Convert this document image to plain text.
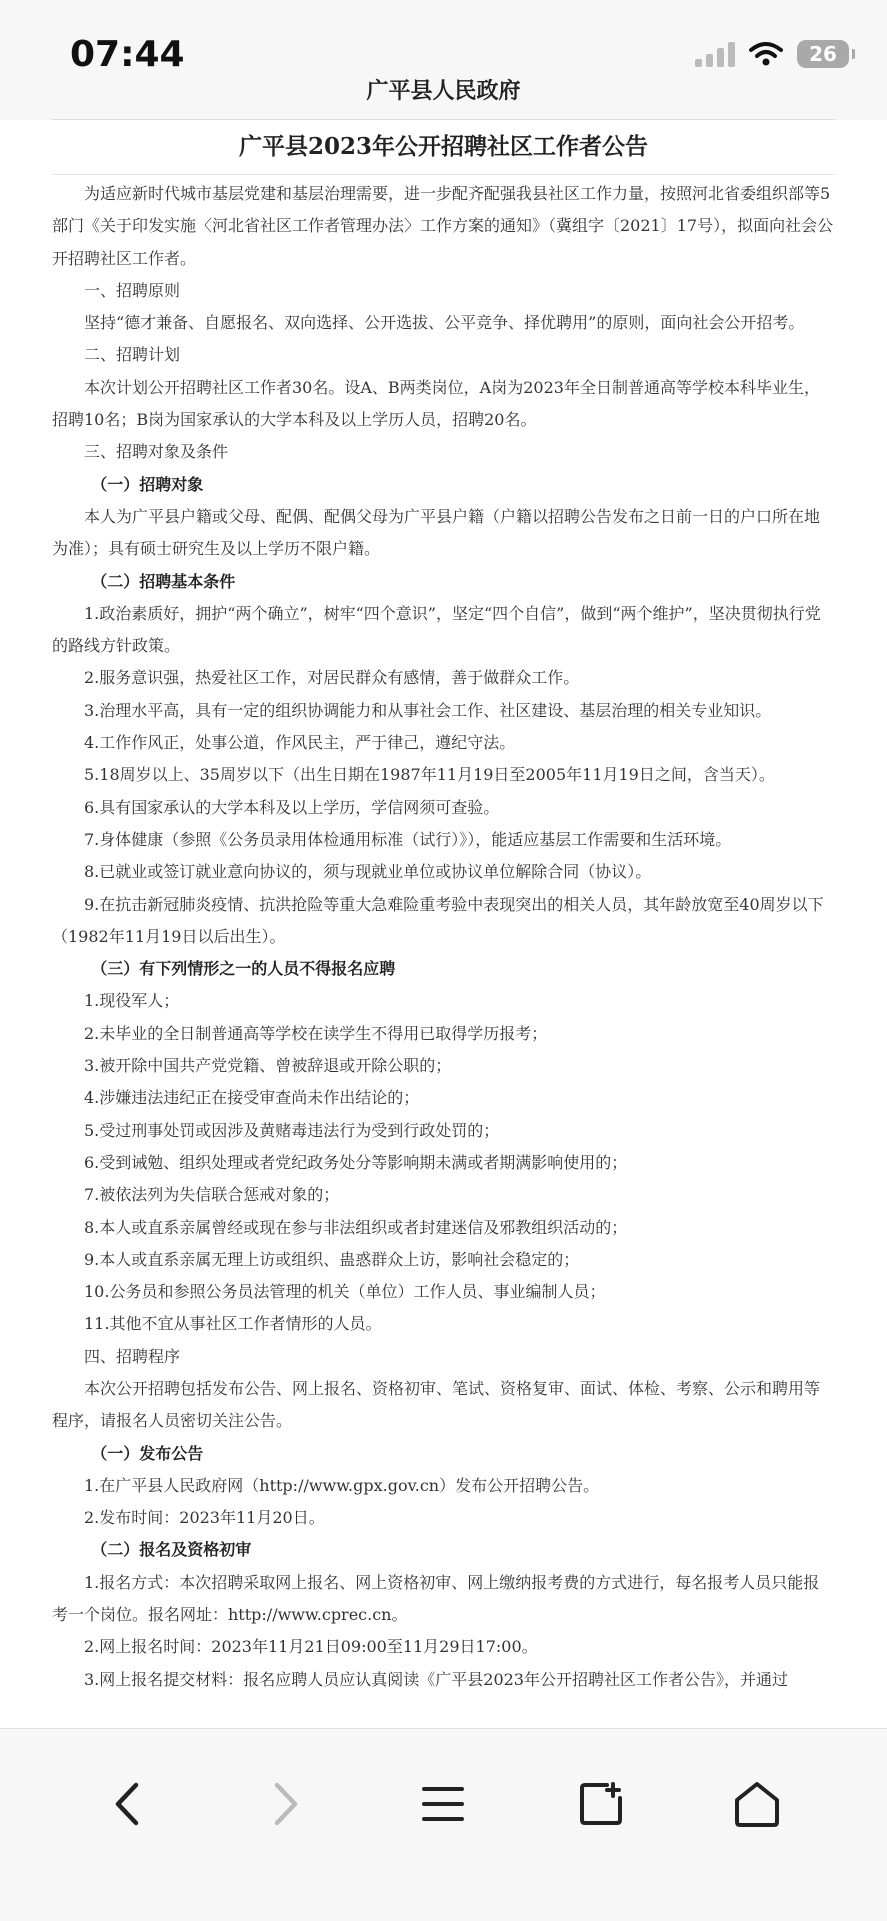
07:44	26
广平县人民政府
广平县2023年公开招聘社区工作者公告

为适应新时代城市基层党建和基层治理需要，进一步配齐配强我县社区工作力量，按照河北省委组织部等5部门《关于印发实施〈河北省社区工作者管理办法〉工作方案的通知》（冀组字〔2021〕17号），拟面向社会公开招聘社区工作者。

一、招聘原则

坚持“德才兼备、自愿报名、双向选择、公开选拔、公平竞争、择优聘用”的原则，面向社会公开招考。

二、招聘计划

本次计划公开招聘社区工作者30名。设A、B两类岗位，A岗为2023年全日制普通高等学校本科毕业生，招聘10名；B岗为国家承认的大学本科及以上学历人员，招聘20名。

三、招聘对象及条件

（一）招聘对象

本人为广平县户籍或父母、配偶、配偶父母为广平县户籍（户籍以招聘公告发布之日前一日的户口所在地为准）；具有硕士研究生及以上学历不限户籍。

（二）招聘基本条件

1.政治素质好，拥护“两个确立”，树牢“四个意识”，坚定“四个自信”，做到“两个维护”，坚决贯彻执行党的路线方针政策。

2.服务意识强，热爱社区工作，对居民群众有感情，善于做群众工作。

3.治理水平高，具有一定的组织协调能力和从事社会工作、社区建设、基层治理的相关专业知识。

4.工作作风正，处事公道，作风民主，严于律己，遵纪守法。

5.18周岁以上、35周岁以下（出生日期在1987年11月19日至2005年11月19日之间，含当天）。

6.具有国家承认的大学本科及以上学历，学信网须可查验。

7.身体健康（参照《公务员录用体检通用标准（试行）》），能适应基层工作需要和生活环境。

8.已就业或签订就业意向协议的，须与现就业单位或协议单位解除合同（协议）。

9.在抗击新冠肺炎疫情、抗洪抢险等重大急难险重考验中表现突出的相关人员，其年龄放宽至40周岁以下（1982年11月19日以后出生）。

（三）有下列情形之一的人员不得报名应聘

1.现役军人；

2.未毕业的全日制普通高等学校在读学生不得用已取得学历报考；

3.被开除中国共产党党籍、曾被辞退或开除公职的；

4.涉嫌违法违纪正在接受审查尚未作出结论的；

5.受过刑事处罚或因涉及黄赌毒违法行为受到行政处罚的；

6.受到诫勉、组织处理或者党纪政务处分等影响期未满或者期满影响使用的；

7.被依法列为失信联合惩戒对象的；

8.本人或直系亲属曾经或现在参与非法组织或者封建迷信及邪教组织活动的；

9.本人或直系亲属无理上访或组织、蛊惑群众上访，影响社会稳定的；

10.公务员和参照公务员法管理的机关（单位）工作人员、事业编制人员；

11.其他不宜从事社区工作者情形的人员。

四、招聘程序

本次公开招聘包括发布公告、网上报名、资格初审、笔试、资格复审、面试、体检、考察、公示和聘用等程序，请报名人员密切关注公告。

（一）发布公告

1.在广平县人民政府网（http://www.gpx.gov.cn）发布公开招聘公告。

2.发布时间：2023年11月20日。

（二）报名及资格初审

1.报名方式：本次招聘采取网上报名、网上资格初审、网上缴纳报考费的方式进行，每名报考人员只能报考一个岗位。报名网址：http://www.cprec.cn。

2.网上报名时间：2023年11月21日09:00至11月29日17:00。

3.网上报名提交材料：报名应聘人员应认真阅读《广平县2023年公开招聘社区工作者公告》，并通过
